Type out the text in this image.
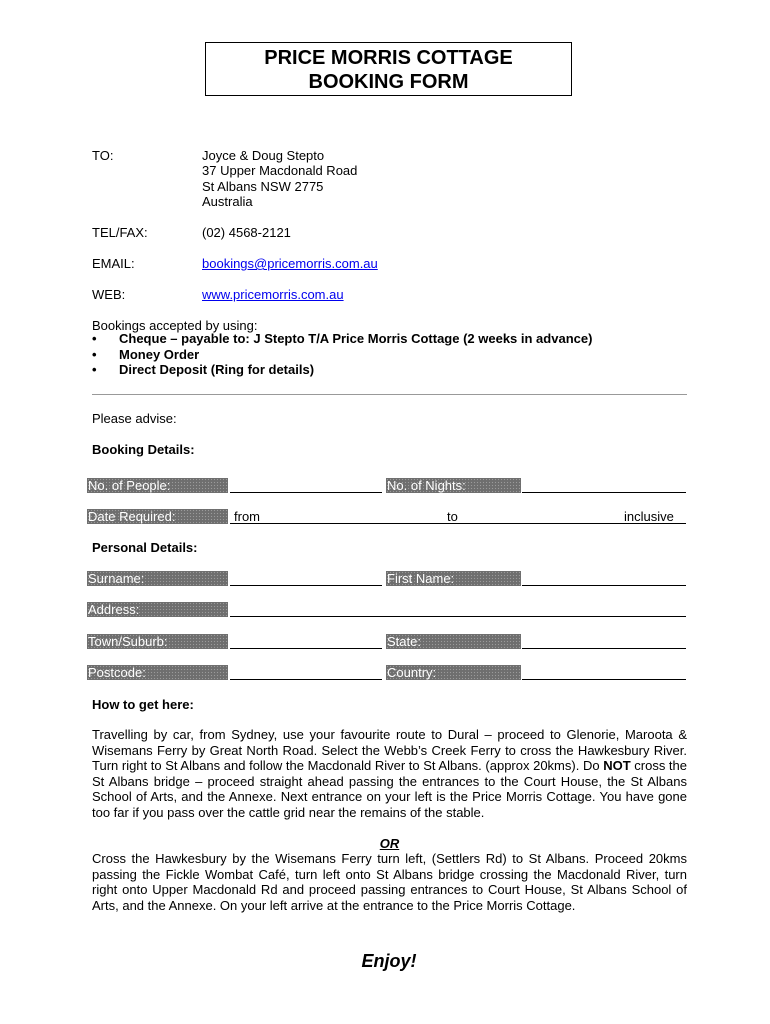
PRICE MORRIS COTTAGE
BOOKING FORM
TO:	Joyce & Doug Stepto
37 Upper Macdonald Road
St Albans NSW 2775
Australia
TEL/FAX:	(02) 4568-2121
EMAIL:	bookings@pricemorris.com.au
WEB:	www.pricemorris.com.au
Bookings accepted by using:
• Cheque – payable to: J Stepto T/A Price Morris Cottage (2 weeks in advance)
• Money Order
• Direct Deposit (Ring for details)
Please advise:
Booking Details:
No. of People:	No. of Nights:
Date Required:	from	to	inclusive
Personal Details:
Surname:	First Name:
Address:
Town/Suburb:	State:
Postcode:	Country:
How to get here:
Travelling by car, from Sydney, use your favourite route to Dural – proceed to Glenorie, Maroota & Wisemans Ferry by Great North Road. Select the Webb’s Creek Ferry to cross the Hawkesbury River. Turn right to St Albans and follow the Macdonald River to St Albans. (approx 20kms). Do NOT cross the St Albans bridge – proceed straight ahead passing the entrances to the Court House, the St Albans School of Arts, and the Annexe. Next entrance on your left is the Price Morris Cottage. You have gone too far if you pass over the cattle grid near the remains of the stable.
OR
Cross the Hawkesbury by the Wisemans Ferry turn left, (Settlers Rd) to St Albans. Proceed 20kms passing the Fickle Wombat Café, turn left onto St Albans bridge crossing the Macdonald River, turn right onto Upper Macdonald Rd and proceed passing entrances to Court House, St Albans School of Arts, and the Annexe. On your left arrive at the entrance to the Price Morris Cottage.
Enjoy!
